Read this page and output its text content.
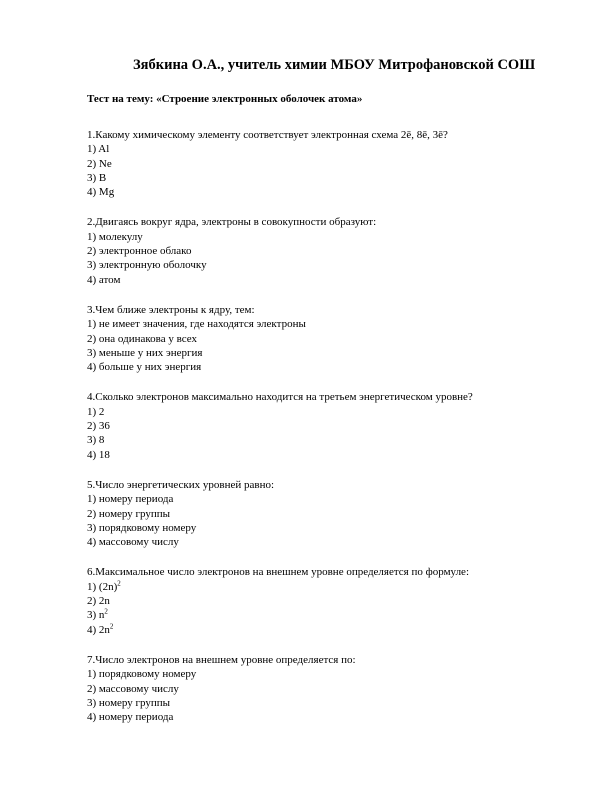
Зябкина О.А., учитель химии МБОУ Митрофановской СОШ
Тест на тему: «Строение электронных оболочек атома»
1.Какому химическому элементу соответствует электронная схема 2ē, 8ē, 3ē?
1) Al
2) Ne
3) B
4) Mg
2.Двигаясь вокруг ядра, электроны в совокупности образуют:
1) молекулу
2) электронное облако
3) электронную оболочку
4) атом
3.Чем ближе электроны к ядру, тем:
1) не имеет значения, где находятся электроны
2) она одинакова у всех
3) меньше у них энергия
4) больше у них энергия
4.Сколько электронов максимально находится на третьем энергетическом уровне?
1) 2
2) 36
3) 8
4) 18
5.Число энергетических уровней равно:
1) номеру периода
2) номеру группы
3) порядковому номеру
4) массовому числу
6.Максимальное число электронов на внешнем уровне определяется по формуле:
1) $(2n)^2$
2) 2n
3) $n^2$
4) $2n^2$
7.Число электронов на внешнем уровне определяется по:
1) порядковому номеру
2) массовому числу
3) номеру группы
4) номеру периода
